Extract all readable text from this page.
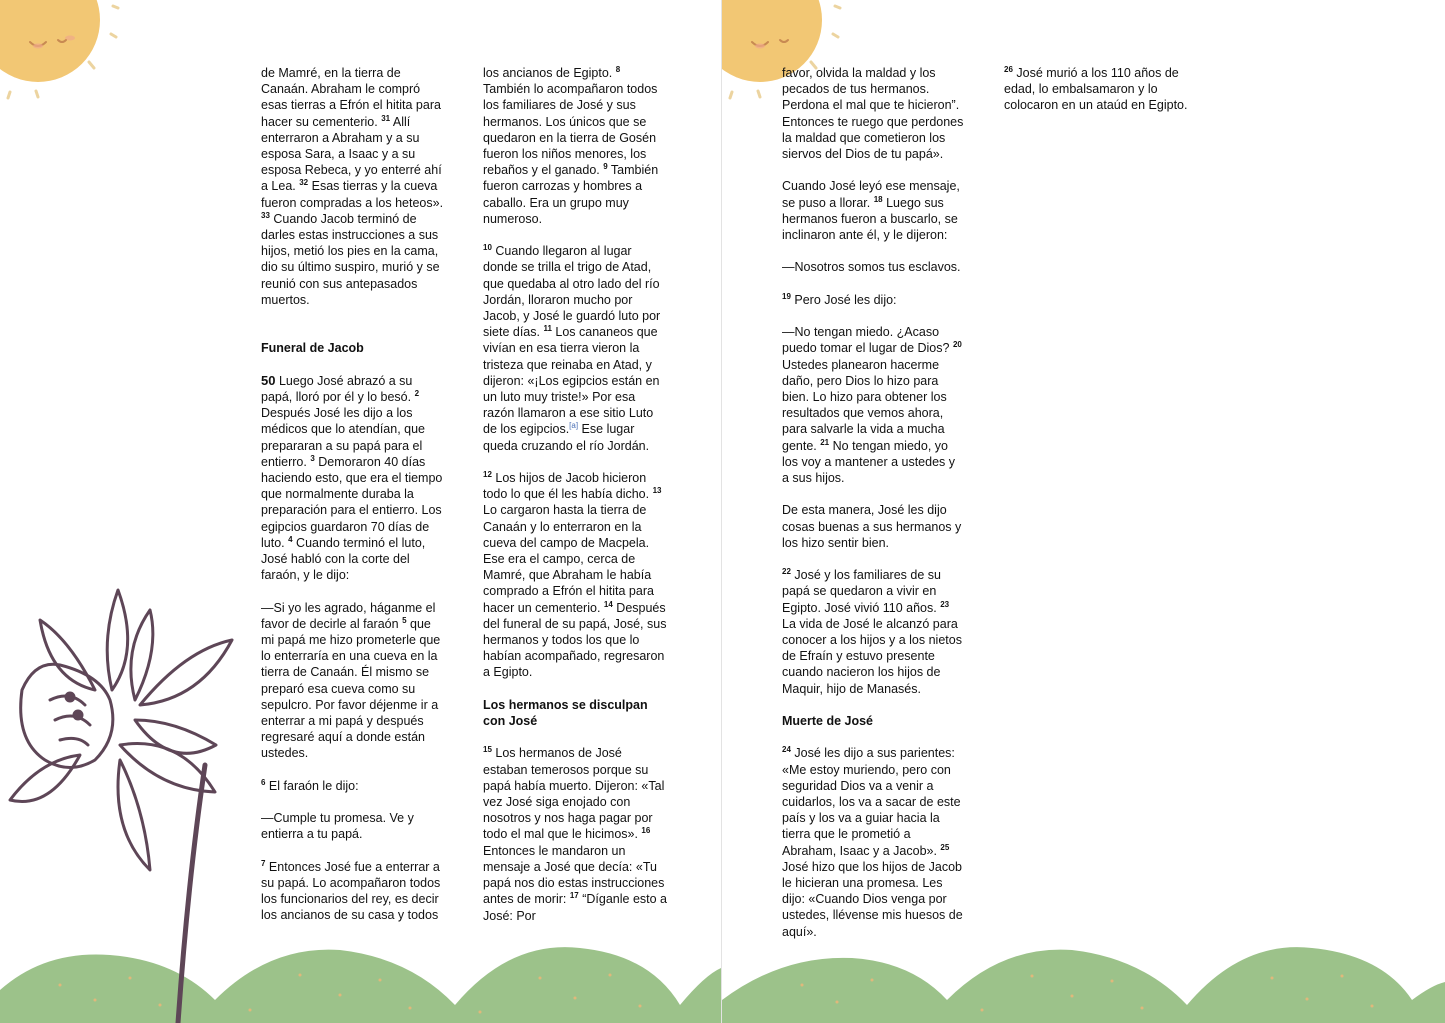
de Mamré, en la tierra de Canaán. Abraham le compró esas tierras a Efrón el hitita para hacer su cementerio. $^{31}$ Allí enterraron a Abraham y a su esposa Sara, a Isaac y a su esposa Rebeca, y yo enterré ahí a Lea. $^{32}$ Esas tierras y la cueva fueron compradas a los heteos». $^{33}$ Cuando Jacob terminó de darles estas instrucciones a sus hijos, metió los pies en la cama, dio su último suspiro, murió y se reunió con sus antepasados muertos.

Funeral de Jacob

50 Luego José abrazó a su papá, lloró por él y lo besó. $^2$ Después José les dijo a los médicos que lo atendían, que prepararan a su papá para el entierro. $^3$ Demoraron 40 días haciendo esto, que era el tiempo que normalmente duraba la preparación para el entierro. Los egipcios guardaron 70 días de luto. $^4$ Cuando terminó el luto, José habló con la corte del faraón, y le dijo:

—Si yo les agrado, háganme el favor de decirle al faraón $^5$ que mi papá me hizo prometerle que lo enterraría en una cueva en la tierra de Canaán. Él mismo se preparó esa cueva como su sepulcro. Por favor déjenme ir a enterrar a mi papá y después regresaré aquí a donde están ustedes.

$^6$ El faraón le dijo:

—Cumple tu promesa. Ve y entierra a tu papá.

$^7$ Entonces José fue a enterrar a su papá. Lo acompañaron todos los funcionarios del rey, es decir los ancianos de su casa y todos

los ancianos de Egipto. $^8$ También lo acompañaron todos los familiares de José y sus hermanos. Los únicos que se quedaron en la tierra de Gosén fueron los niños menores, los rebaños y el ganado. $^9$ También fueron carrozas y hombres a caballo. Era un grupo muy numeroso.

$^{10}$ Cuando llegaron al lugar donde se trilla el trigo de Atad, que quedaba al otro lado del río Jordán, lloraron mucho por Jacob, y José le guardó luto por siete días. $^{11}$ Los cananeos que vivían en esa tierra vieron la tristeza que reinaba en Atad, y dijeron: «¡Los egipcios están en un luto muy triste!» Por esa razón llamaron a ese sitio Luto de los egipcios.[a] Ese lugar queda cruzando el río Jordán.

$^{12}$ Los hijos de Jacob hicieron todo lo que él les había dicho. $^{13}$ Lo cargaron hasta la tierra de Canaán y lo enterraron en la cueva del campo de Macpela. Ese era el campo, cerca de Mamré, que Abraham le había comprado a Efrón el hitita para hacer un cementerio. $^{14}$ Después del funeral de su papá, José, sus hermanos y todos los que lo habían acompañado, regresaron a Egipto.

Los hermanos se disculpan con José

$^{15}$ Los hermanos de José estaban temerosos porque su papá había muerto. Dijeron: «Tal vez José siga enojado con nosotros y nos haga pagar por todo el mal que le hicimos». $^{16}$ Entonces le mandaron un mensaje a José que decía: «Tu papá nos dio estas instrucciones antes de morir: $^{17}$ “Díganle esto a José: Por

favor, olvida la maldad y los pecados de tus hermanos. Perdona el mal que te hicieron”. Entonces te ruego que perdones la maldad que cometieron los siervos del Dios de tu papá».

Cuando José leyó ese mensaje, se puso a llorar. $^{18}$ Luego sus hermanos fueron a buscarlo, se inclinaron ante él, y le dijeron:

—Nosotros somos tus esclavos.

$^{19}$ Pero José les dijo:

—No tengan miedo. ¿Acaso puedo tomar el lugar de Dios? $^{20}$ Ustedes planearon hacerme daño, pero Dios lo hizo para bien. Lo hizo para obtener los resultados que vemos ahora, para salvarle la vida a mucha gente. $^{21}$ No tengan miedo, yo los voy a mantener a ustedes y a sus hijos.

De esta manera, José les dijo cosas buenas a sus hermanos y los hizo sentir bien.

$^{22}$ José y los familiares de su papá se quedaron a vivir en Egipto. José vivió 110 años. $^{23}$ La vida de José le alcanzó para conocer a los hijos y a los nietos de Efraín y estuvo presente cuando nacieron los hijos de Maquir, hijo de Manasés.

Muerte de José

$^{24}$ José les dijo a sus parientes: «Me estoy muriendo, pero con seguridad Dios va a venir a cuidarlos, los va a sacar de este país y los va a guiar hacia la tierra que le prometió a Abraham, Isaac y a Jacob». $^{25}$ José hizo que los hijos de Jacob le hicieran una promesa. Les dijo: «Cuando Dios venga por ustedes, llévense mis huesos de aquí».

$^{26}$ José murió a los 110 años de edad, lo embalsamaron y lo colocaron en un ataúd en Egipto.
